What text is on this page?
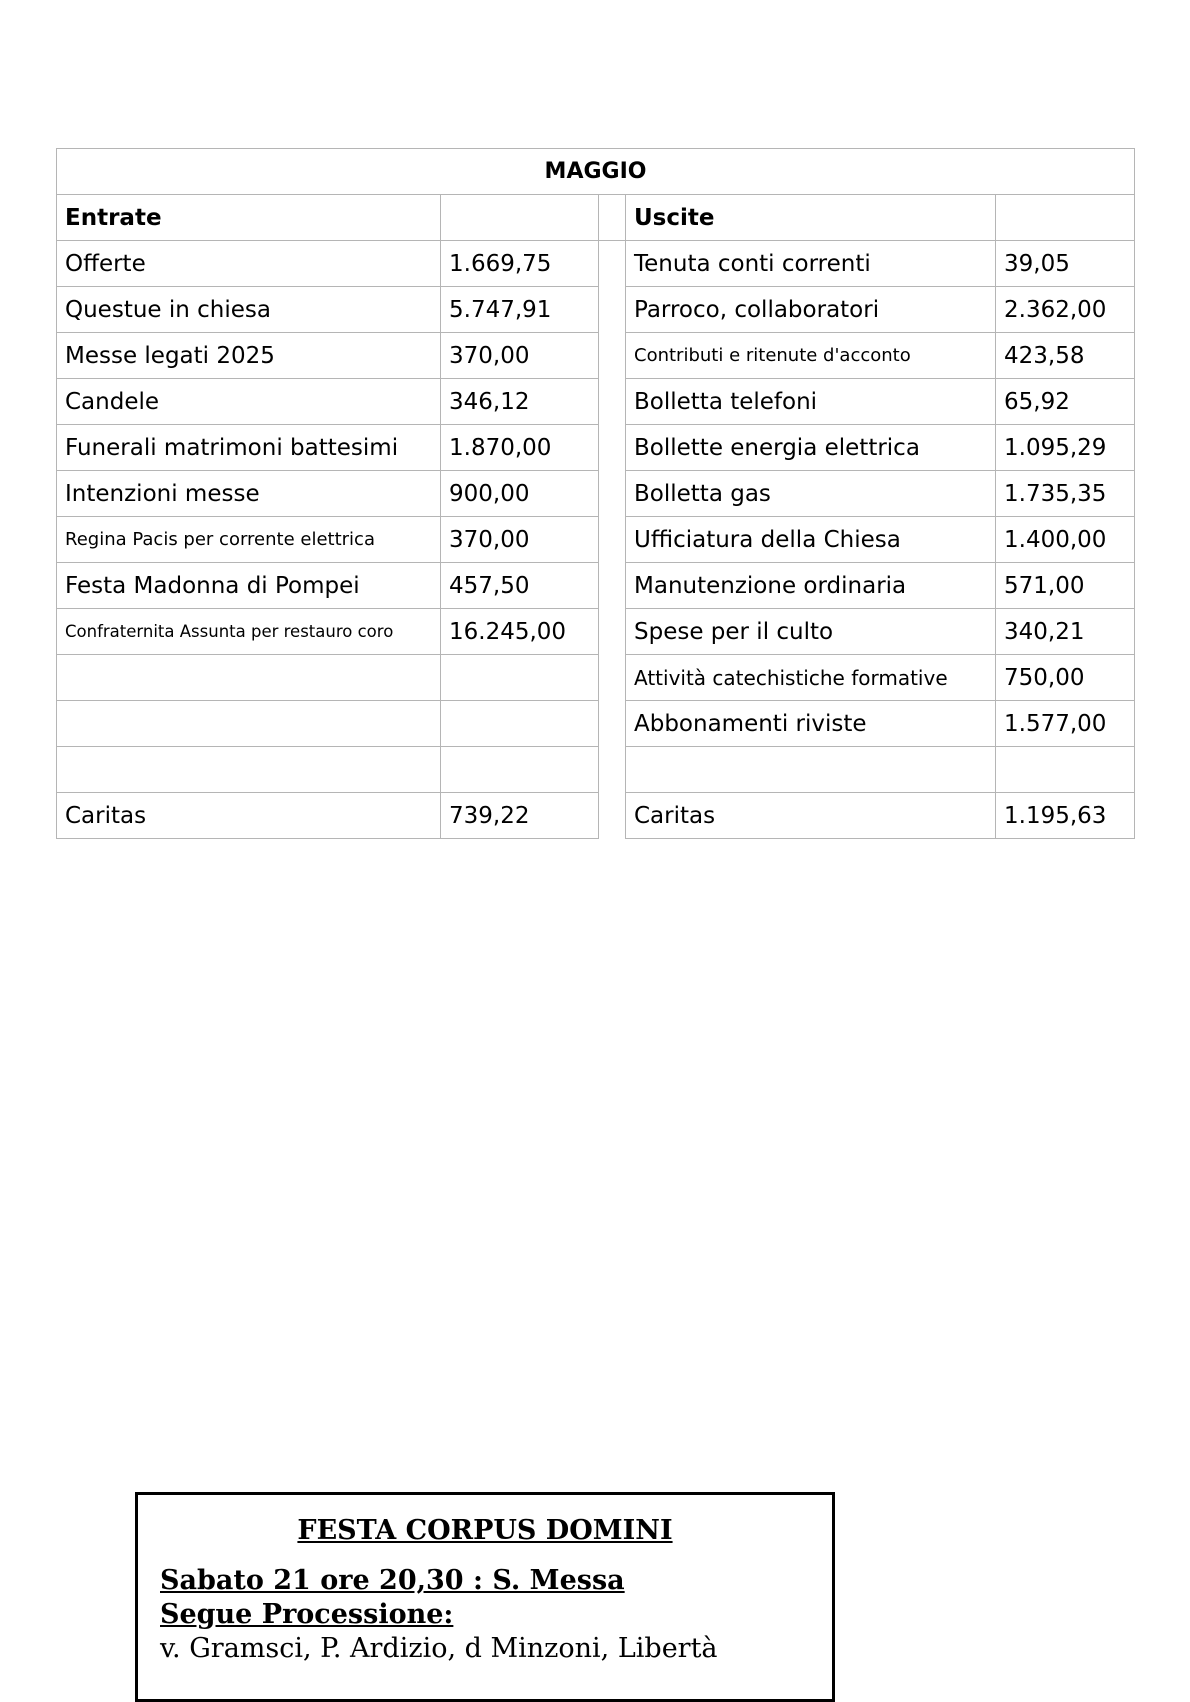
MAGGIO				
Entrate			Uscite	
Offerte	1.669,75		Tenuta conti correnti	39,05
Questue in chiesa	5.747,91		Parroco, collaboratori	2.362,00
Messe legati 2025	370,00		Contributi e ritenute d'acconto	423,58
Candele	346,12		Bolletta telefoni	65,92
Funerali matrimoni battesimi	1.870,00		Bollette energia elettrica	1.095,29
Intenzioni messe	900,00		Bolletta gas	1.735,35
Regina Pacis per corrente elettrica	370,00		Ufficiatura della Chiesa	1.400,00
Festa Madonna di Pompei	457,50		Manutenzione ordinaria	571,00
Confraternita Assunta per restauro coro	16.245,00		Spese per il culto	340,21
			Attività catechistiche formative	750,00
			Abbonamenti riviste	1.577,00

Caritas	739,22		Caritas	1.195,63
FESTA CORPUS DOMINI
Sabato 21 ore 20,30 : S. Messa
Segue Processione:
v. Gramsci, P. Ardizio, d Minzoni, Libertà
